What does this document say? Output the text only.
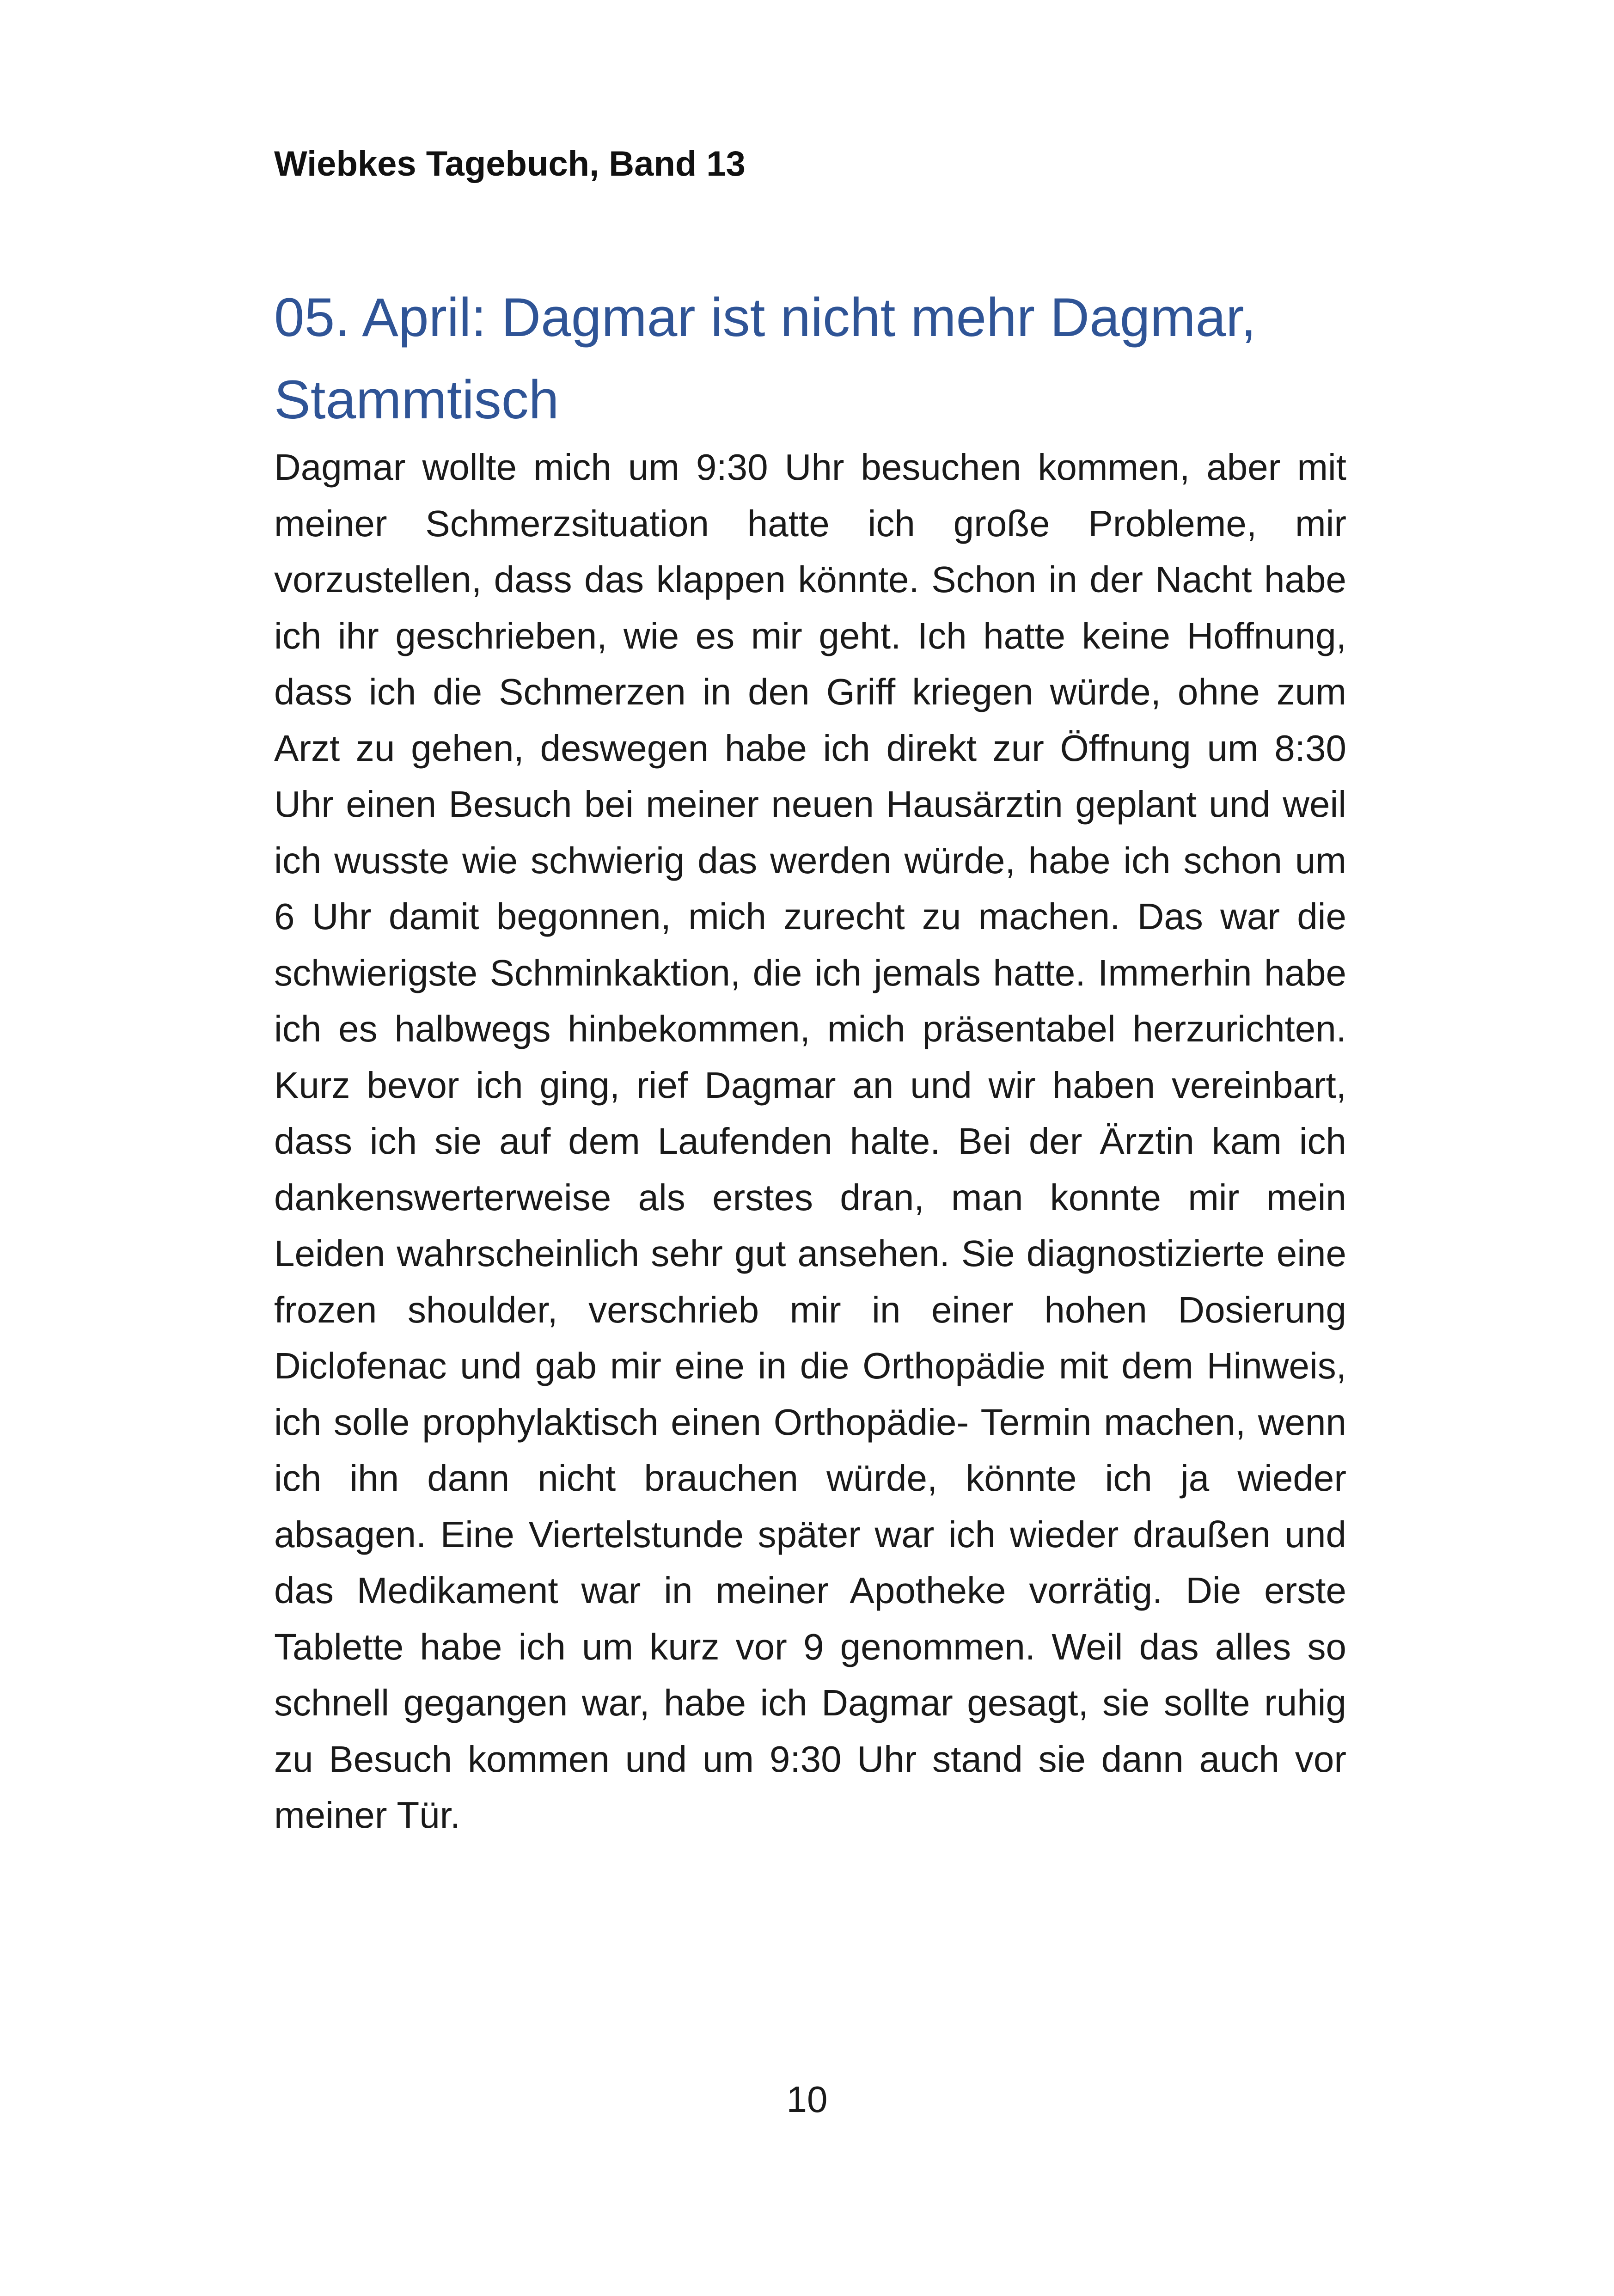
Wiebkes Tagebuch, Band 13
05. April: Dagmar ist nicht mehr Dagmar, Stammtisch

Dagmar wollte mich um 9:30 Uhr besuchen kommen, aber mit meiner Schmerzsituation hatte ich große Probleme, mir vorzustellen, dass das klappen könnte. Schon in der Nacht habe ich ihr geschrieben, wie es mir geht. Ich hatte keine Hoffnung, dass ich die Schmerzen in den Griff kriegen würde, ohne zum Arzt zu gehen, deswegen habe ich direkt zur Öffnung um 8:30 Uhr einen Besuch bei meiner neuen Hausärztin geplant und weil ich wusste wie schwierig das werden würde, habe ich schon um 6 Uhr damit begonnen, mich zurecht zu machen. Das war die schwierigste Schminkaktion, die ich jemals hatte. Immerhin habe ich es halbwegs hinbekommen, mich präsentabel herzurichten. Kurz bevor ich ging, rief Dagmar an und wir haben vereinbart, dass ich sie auf dem Laufenden halte. Bei der Ärztin kam ich dankenswerterweise als erstes dran, man konnte mir mein Leiden wahrscheinlich sehr gut ansehen. Sie diagnostizierte eine frozen shoulder, verschrieb mir in einer hohen Dosierung Diclofenac und gab mir eine in die Orthopädie mit dem Hinweis, ich solle prophylaktisch einen Orthopädie- Termin machen, wenn ich ihn dann nicht brauchen würde, könnte ich ja wieder absagen. Eine Viertelstunde später war ich wieder draußen und das Medikament war in meiner Apotheke vorrätig. Die erste Tablette habe ich um kurz vor 9 genommen. Weil das alles so schnell gegangen war, habe ich Dagmar gesagt, sie sollte ruhig zu Besuch kommen und um 9:30 Uhr stand sie dann auch vor meiner Tür.

10
